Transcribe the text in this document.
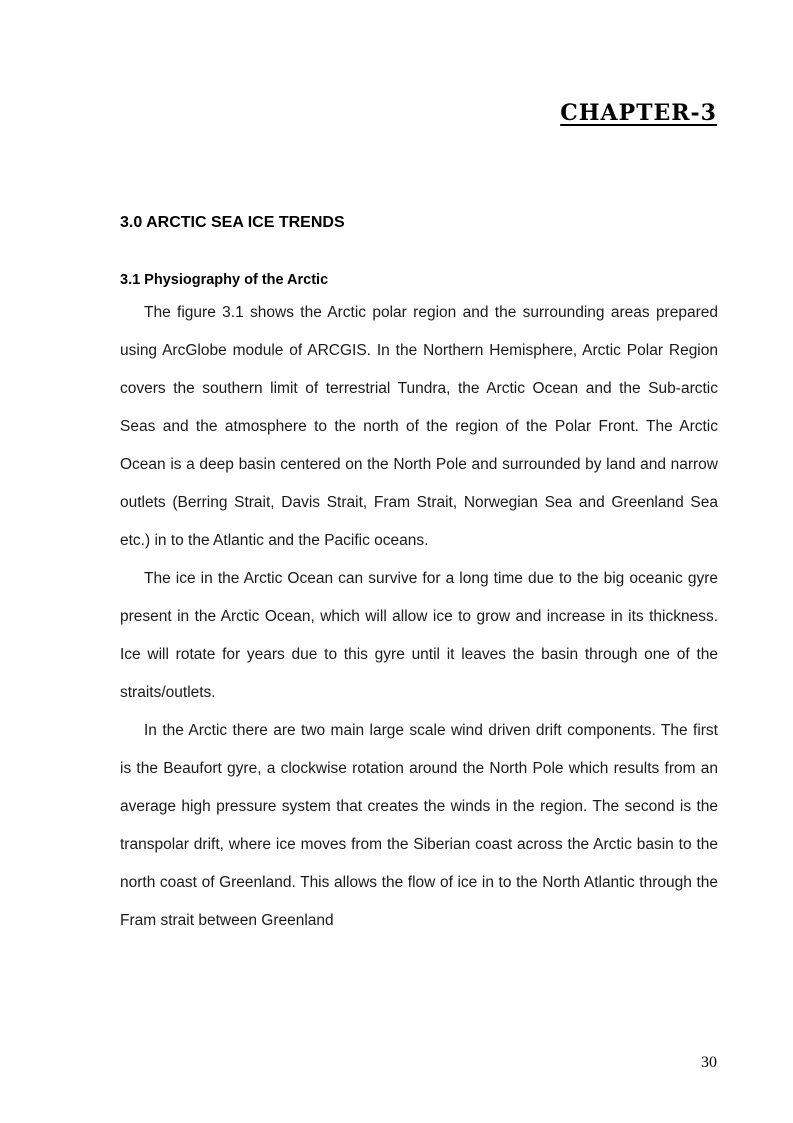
CHAPTER-3
3.0 ARCTIC SEA ICE TRENDS
3.1 Physiography of the Arctic

The figure 3.1 shows the Arctic polar region and the surrounding areas prepared using ArcGlobe module of ARCGIS. In the Northern Hemisphere, Arctic Polar Region covers the southern limit of terrestrial Tundra, the Arctic Ocean and the Sub-arctic Seas and the atmosphere to the north of the region of the Polar Front. The Arctic Ocean is a deep basin centered on the North Pole and surrounded by land and narrow outlets (Berring Strait, Davis Strait, Fram Strait, Norwegian Sea and Greenland Sea etc.) in to the Atlantic and the Pacific oceans.

The ice in the Arctic Ocean can survive for a long time due to the big oceanic gyre present in the Arctic Ocean, which will allow ice to grow and increase in its thickness. Ice will rotate for years due to this gyre until it leaves the basin through one of the straits/outlets.

In the Arctic there are two main large scale wind driven drift components. The first is the Beaufort gyre, a clockwise rotation around the North Pole which results from an average high pressure system that creates the winds in the region. The second is the transpolar drift, where ice moves from the Siberian coast across the Arctic basin to the north coast of Greenland. This allows the flow of ice in to the North Atlantic through the Fram strait between Greenland

30
